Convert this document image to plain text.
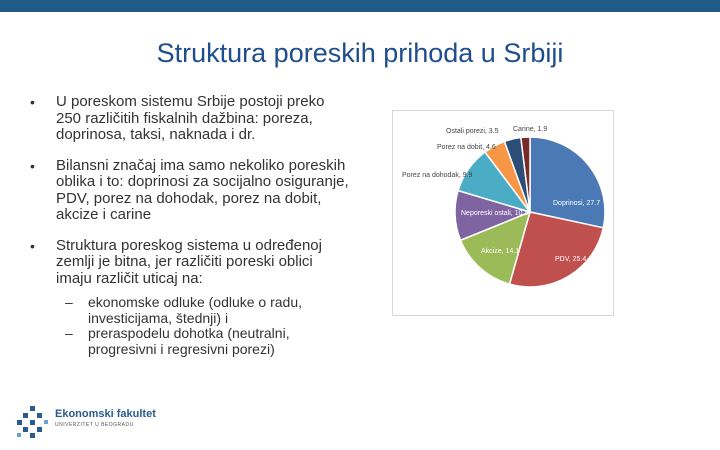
Struktura poreskih prihoda u Srbiji
• U poreskom sistemu Srbije postoji preko 250 različitih fiskalnih dažbina: poreza, doprinosa, taksi, naknada i dr.
• Bilansni značaj ima samo nekoliko poreskih oblika i to: doprinosi za socijalno osiguranje, PDV, porez na dohodak, porez na dobit, akcize i carine
• Struktura poreskog sistema u određenoj zemlji je bitna, jer različiti poreski oblici imaju različit uticaj na:
– ekonomske odluke (odluke o radu, investicijama, štednji) i
– preraspodelu dohotka (neutralni, progresivni i regresivni porezi)
Doprinosi, 27.7
PDV, 25.4
Akcize, 14.1
Neporeski ostali, 10.5
Porez na dohodak, 9.9
Porez na dobit, 4.6
Ostali porezi, 3.5 Carine, 1.9
Ekonomski fakultet
UNIVERZITET U BEOGRADU
